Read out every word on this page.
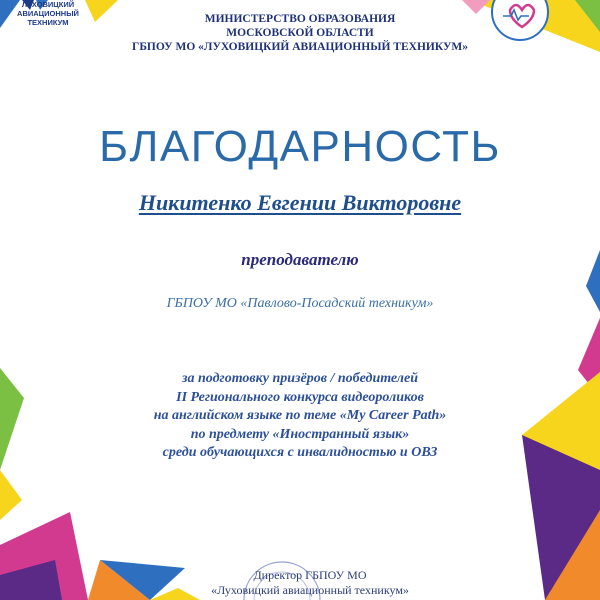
ЛУХОВИЦКИЙ
АВИАЦИОННЫЙ
ТЕХНИКУМ	МИНИСТЕРСТВО ОБРАЗОВАНИЯ
МОСКОВСКОЙ ОБЛАСТИ
ГБПОУ МО «ЛУХОВИЦКИЙ АВИАЦИОННЫЙ ТЕХНИКУМ»
БЛАГОДАРНОСТЬ
Никитенко Евгении Викторовне
преподавателю
ГБПОУ МО «Павлово-Посадский техникум»
за подготовку призёров / победителей
II Регионального конкурса видеороликов
на английском языке по теме «My Career Path»
по предмету «Иностранный язык»
среди обучающихся с инвалидностью и ОВЗ
Директор ГБПОУ МО
«Луховицкий авиационный техникум»
